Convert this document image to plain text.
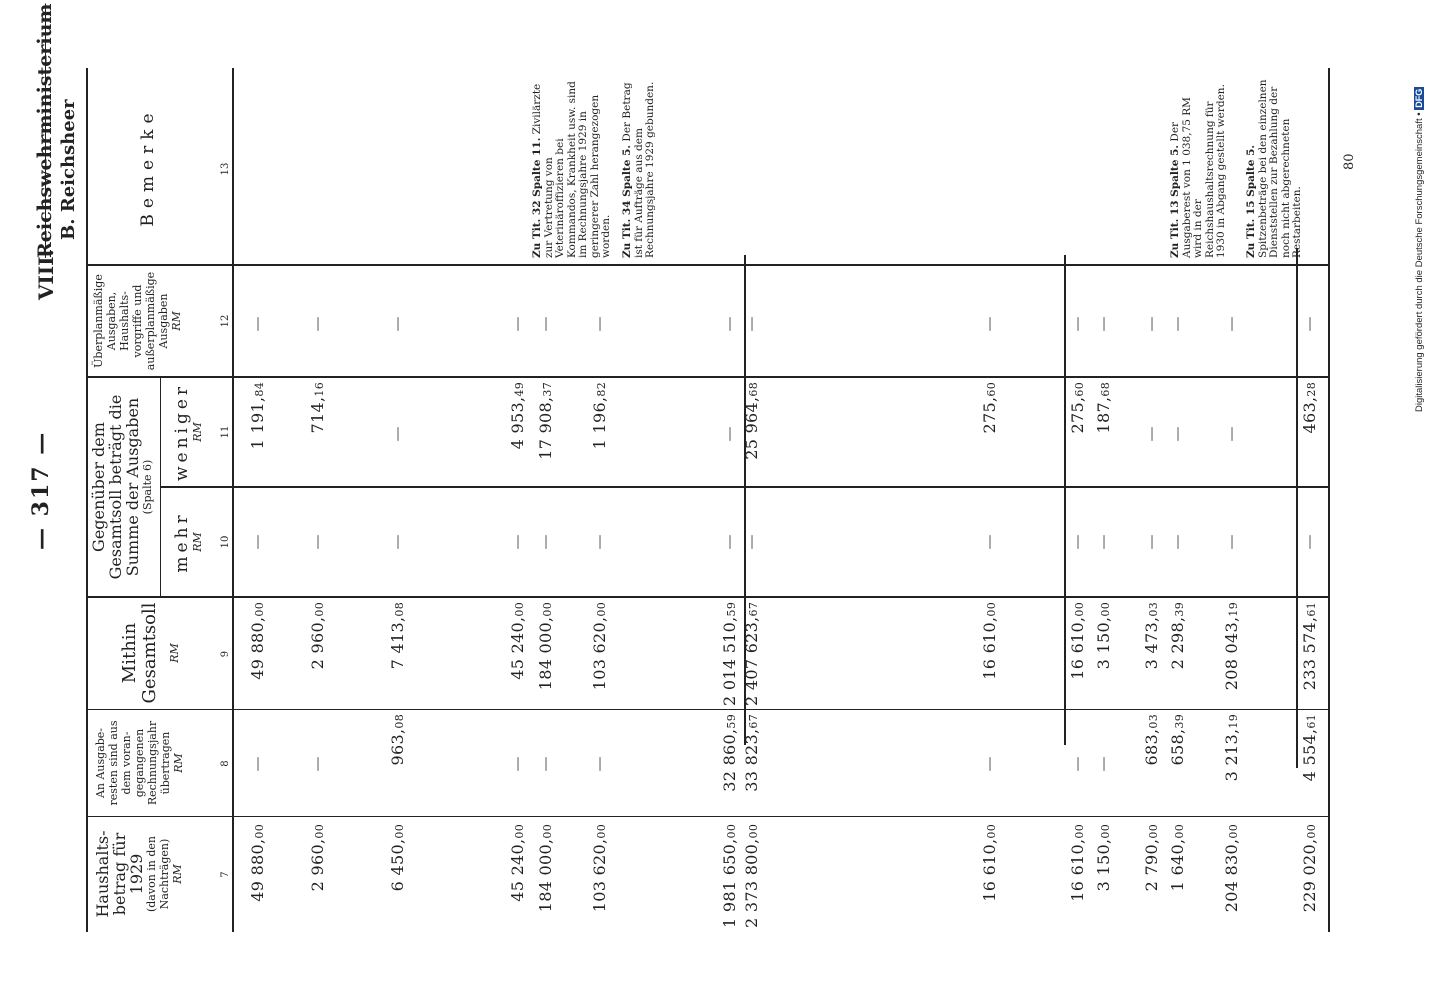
— 317 —
VIII.
Reichswehrministerium B. Reichsheer
Haushalts-betrag für 1929 (davon in den Nachträgen) RM
An Ausgabe-resten sind aus dem voran-gegangenen Rechnungsjahr übertragen RM
Mithin Gesamtsoll RM
Gegenüber dem Gesamtsoll beträgt die Summe der Ausgaben (Spalte 6)
mehr RM
weniger RM
Überplanmäßige Ausgaben, Haushalts-vorgriffe und außerplanmäßige Ausgaben RM
Bemerke
7
8
9
10
11
12
13
49 880,00
49 880,00
1 191,84
—
—
—
2 960,00
2 960,00
714,16
—
—
—
6 450,00
963,08
7 413,08
—
—
—
45 240,00
45 240,00
4 953,49
—
—
—
184 000,00
184 000,00
17 908,37
—
—
—
103 620,00
103 620,00
1 196,82
—
—
—
1 981 650,00
32 860,59
2 014 510,59
—
—
—
2 373 800,00
33 823,67
2 407 623,67
25 964,68
—
—
16 610,00
16 610,00
275,60
—
—
—
16 610,00
16 610,00
275,60
—
—
—
3 150,00
3 150,00
187,68
—
—
—
2 790,00
683,03
3 473,03
—
—
—
1 640,00
658,39
2 298,39
—
—
—
204 830,00
3 213,19
208 043,19
—
—
—
229 020,00
4 554,61
233 574,61
463,28
—
—
Zu Tit. 32 Spalte 11. Zivilärzte zur Vertretung von Veterinäroffizieren bei Kommandos, Krankheit usw. sind im Rechnungsjahre 1929 in geringerer Zahl herangezogen worden. Zu Tit. 34 Spalte 5. Der Betrag ist für Aufträge aus dem Rechnungsjahre 1929 gebunden.	Zu Tit. 13 Spalte 5. Der Ausgaberest von 1 038,75 RM wird in der Reichshaushaltsrechnung für 1930 in Abgang gestellt werden. Zu Tit. 15 Spalte 5. Spitzenbeträge bei den einzelnen Dienststellen zur Bezahlung der noch nicht abgerechneten Restarbeiten.
80	Digitalisierung gefördert durch die Deutsche Forschungsgemeinschaft • DFG
